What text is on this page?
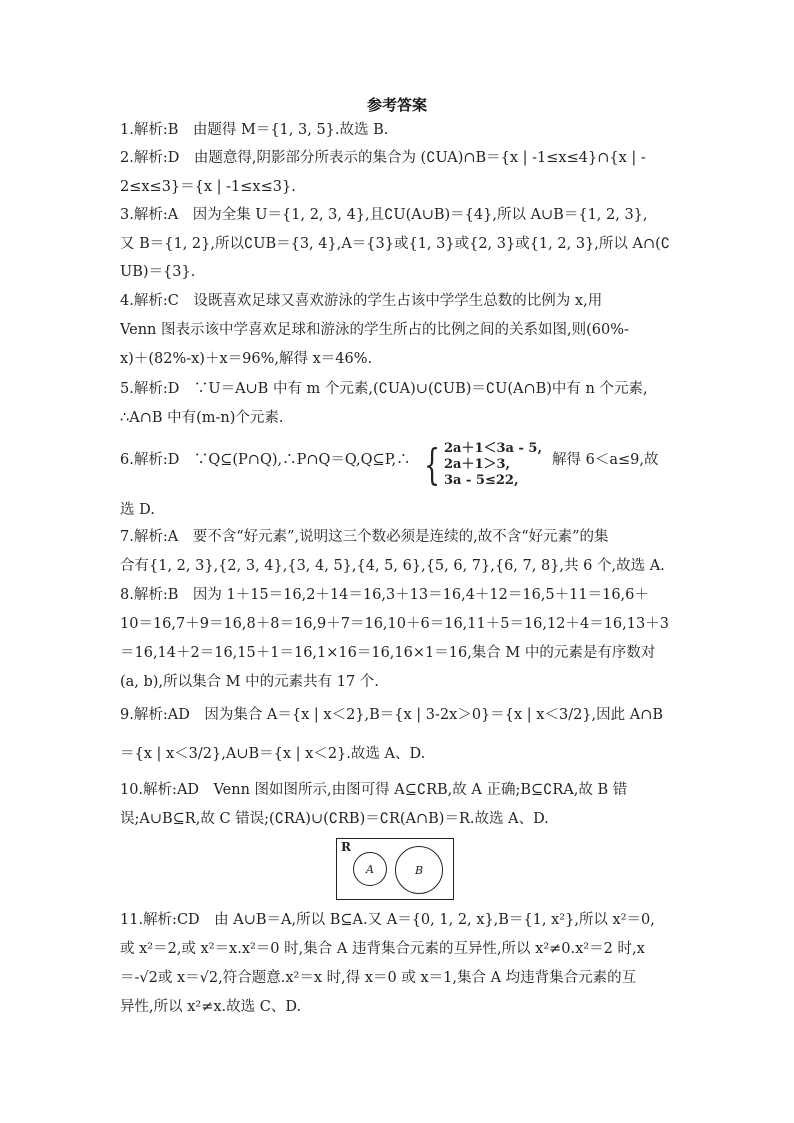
参考答案
1.解析:B　由题得 M＝{1, 3, 5}.故选 B.
2.解析:D　由题意得,阴影部分所表示的集合为 (∁UA)∩B＝{x | -1≤x≤4}∩{x | -
2≤x≤3}＝{x | -1≤x≤3}.
3.解析:A　因为全集 U＝{1, 2, 3, 4},且∁U(A∪B)＝{4},所以 A∪B＝{1, 2, 3},
又 B＝{1, 2},所以∁UB＝{3, 4},A＝{3}或{1, 3}或{2, 3}或{1, 2, 3},所以 A∩(∁
UB)＝{3}.
4.解析:C　设既喜欢足球又喜欢游泳的学生占该中学学生总数的比例为 x,用
Venn 图表示该中学喜欢足球和游泳的学生所占的比例之间的关系如图,则(60%-
x)＋(82%-x)＋x＝96%,解得 x＝46%.
5.解析:D　∵U＝A∪B 中有 m 个元素,(∁UA)∪(∁UB)＝∁U(A∩B)中有 n 个元素,
∴A∩B 中有(m-n)个元素.
6.解析:D　∵Q⊆(P∩Q),∴P∩Q＝Q,Q⊆P,∴
选 D.
7.解析:A　要不含“好元素”,说明这三个数必须是连续的,故不含“好元素”的集
合有{1, 2, 3},{2, 3, 4},{3, 4, 5},{4, 5, 6},{5, 6, 7},{6, 7, 8},共 6 个,故选 A.
8.解析:B　因为 1＋15＝16,2＋14＝16,3＋13＝16,4＋12＝16,5＋11＝16,6＋
10＝16,7＋9＝16,8＋8＝16,9＋7＝16,10＋6＝16,11＋5＝16,12＋4＝16,13＋3
＝16,14＋2＝16,15＋1＝16,1×16＝16,16×1＝16,集合 M 中的元素是有序数对
(a, b),所以集合 M 中的元素共有 17 个.
9.解析:AD　因为集合 A＝{x | x＜2},B＝{x | 3-2x＞0}＝{x | x＜3/2},因此 A∩B
＝{x | x＜3/2},A∪B＝{x | x＜2}.故选 A、D.
10.解析:AD　Venn 图如图所示,由图可得 A⊆∁RB,故 A 正确;B⊆∁RA,故 B 错
误;A∪B⊆R,故 C 错误;(∁RA)∪(∁RB)＝∁R(A∩B)＝R.故选 A、D.
11.解析:CD　由 A∪B＝A,所以 B⊆A.又 A＝{0, 1, 2, x},B＝{1, x²},所以 x²＝0,
或 x²＝2,或 x²＝x.x²＝0 时,集合 A 违背集合元素的互异性,所以 x²≠0.x²＝2 时,x
＝-√2或 x＝√2,符合题意.x²＝x 时,得 x＝0 或 x＝1,集合 A 均违背集合元素的互
异性,所以 x²≠x.故选 C、D.
{ 2a＋1＜3a - 5,
2a＋1＞3,
3a - 5≤22,
解得 6＜a≤9,故
R
A	B
